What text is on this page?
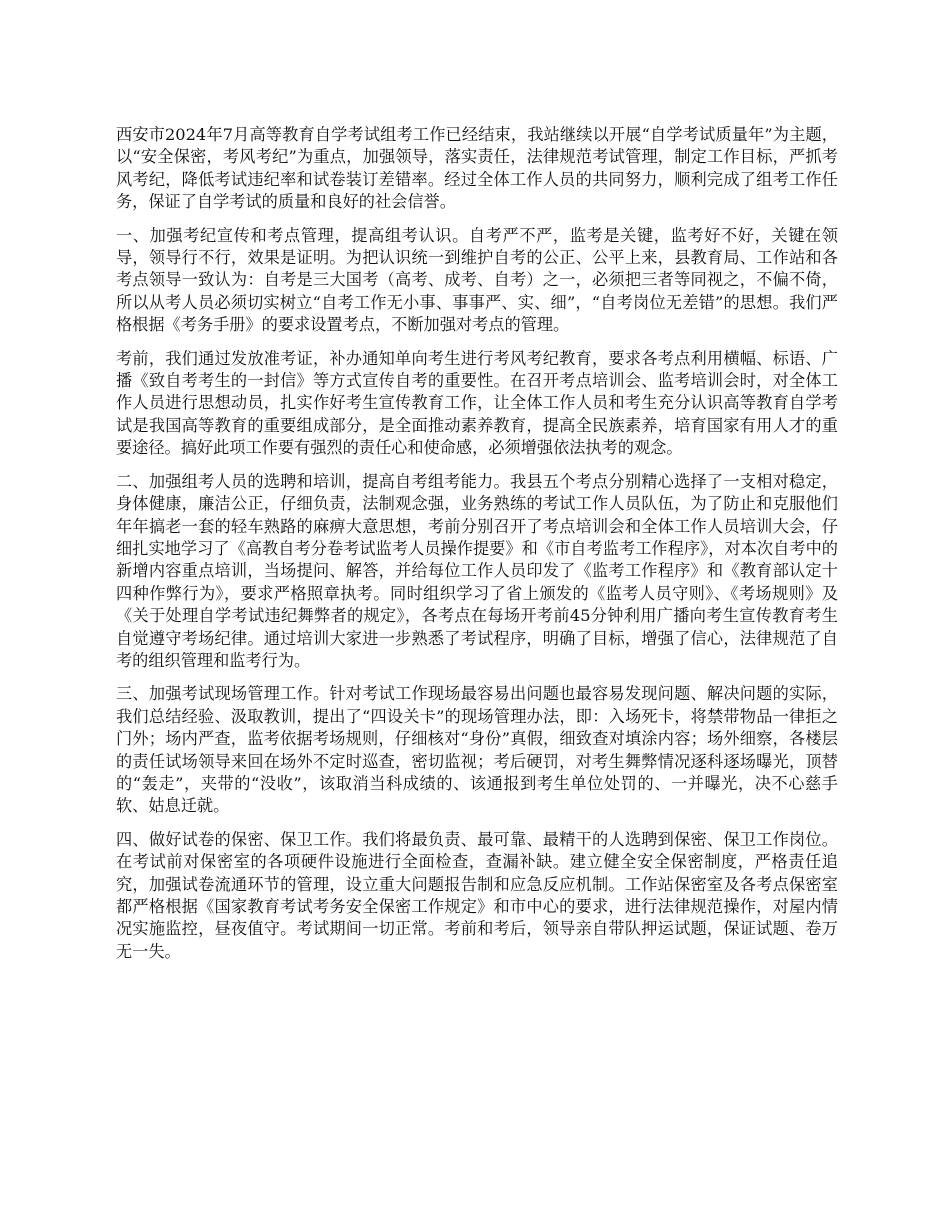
西安市2024年7月高等教育自学考试组考工作已经结束，我站继续以开展“自学考试质量年”为主题，以“安全保密，考风考纪”为重点，加强领导，落实责任，法律规范考试管理，制定工作目标，严抓考风考纪，降低考试违纪率和试卷装订差错率。经过全体工作人员的共同努力，顺利完成了组考工作任务，保证了自学考试的质量和良好的社会信誉。

一、加强考纪宣传和考点管理，提高组考认识。自考严不严，监考是关键，监考好不好，关键在领导，领导行不行，效果是证明。为把认识统一到维护自考的公正、公平上来，县教育局、工作站和各考点领导一致认为：自考是三大国考（高考、成考、自考）之一，必须把三者等同视之，不偏不倚，所以从考人员必须切实树立“自考工作无小事、事事严、实、细”，“自考岗位无差错”的思想。我们严格根据《考务手册》的要求设置考点，不断加强对考点的管理。

考前，我们通过发放准考证，补办通知单向考生进行考风考纪教育，要求各考点利用横幅、标语、广播《致自考考生的一封信》等方式宣传自考的重要性。在召开考点培训会、监考培训会时，对全体工作人员进行思想动员，扎实作好考生宣传教育工作，让全体工作人员和考生充分认识高等教育自学考试是我国高等教育的重要组成部分，是全面推动素养教育，提高全民族素养，培育国家有用人才的重要途径。搞好此项工作要有强烈的责任心和使命感，必须增强依法执考的观念。

二、加强组考人员的选聘和培训，提高自考组考能力。我县五个考点分别精心选择了一支相对稳定，身体健康，廉洁公正，仔细负责，法制观念强，业务熟练的考试工作人员队伍，为了防止和克服他们年年搞老一套的轻车熟路的麻痹大意思想，考前分别召开了考点培训会和全体工作人员培训大会，仔细扎实地学习了《高教自考分卷考试监考人员操作提要》和《市自考监考工作程序》，对本次自考中的新增内容重点培训，当场提问、解答，并给每位工作人员印发了《监考工作程序》和《教育部认定十四种作弊行为》，要求严格照章执考。同时组织学习了省上颁发的《监考人员守则》、《考场规则》及《关于处理自学考试违纪舞弊者的规定》，各考点在每场开考前45分钟利用广播向考生宣传教育考生自觉遵守考场纪律。通过培训大家进一步熟悉了考试程序，明确了目标，增强了信心，法律规范了自考的组织管理和监考行为。

三、加强考试现场管理工作。针对考试工作现场最容易出问题也最容易发现问题、解决问题的实际，我们总结经验、汲取教训，提出了“四设关卡”的现场管理办法，即：入场死卡，将禁带物品一律拒之门外；场内严查，监考依据考场规则，仔细核对“身份”真假，细致查对填涂内容；场外细察，各楼层的责任试场领导来回在场外不定时巡查，密切监视；考后硬罚，对考生舞弊情况逐科逐场曝光，顶替的“轰走”，夹带的“没收”，该取消当科成绩的、该通报到考生单位处罚的、一并曝光，决不心慈手软、姑息迁就。

四、做好试卷的保密、保卫工作。我们将最负责、最可靠、最精干的人选聘到保密、保卫工作岗位。在考试前对保密室的各项硬件设施进行全面检查，查漏补缺。建立健全安全保密制度，严格责任追究，加强试卷流通环节的管理，设立重大问题报告制和应急反应机制。工作站保密室及各考点保密室都严格根据《国家教育考试考务安全保密工作规定》和市中心的要求，进行法律规范操作，对屋内情况实施监控，昼夜值守。考试期间一切正常。考前和考后，领导亲自带队押运试题，保证试题、卷万无一失。
